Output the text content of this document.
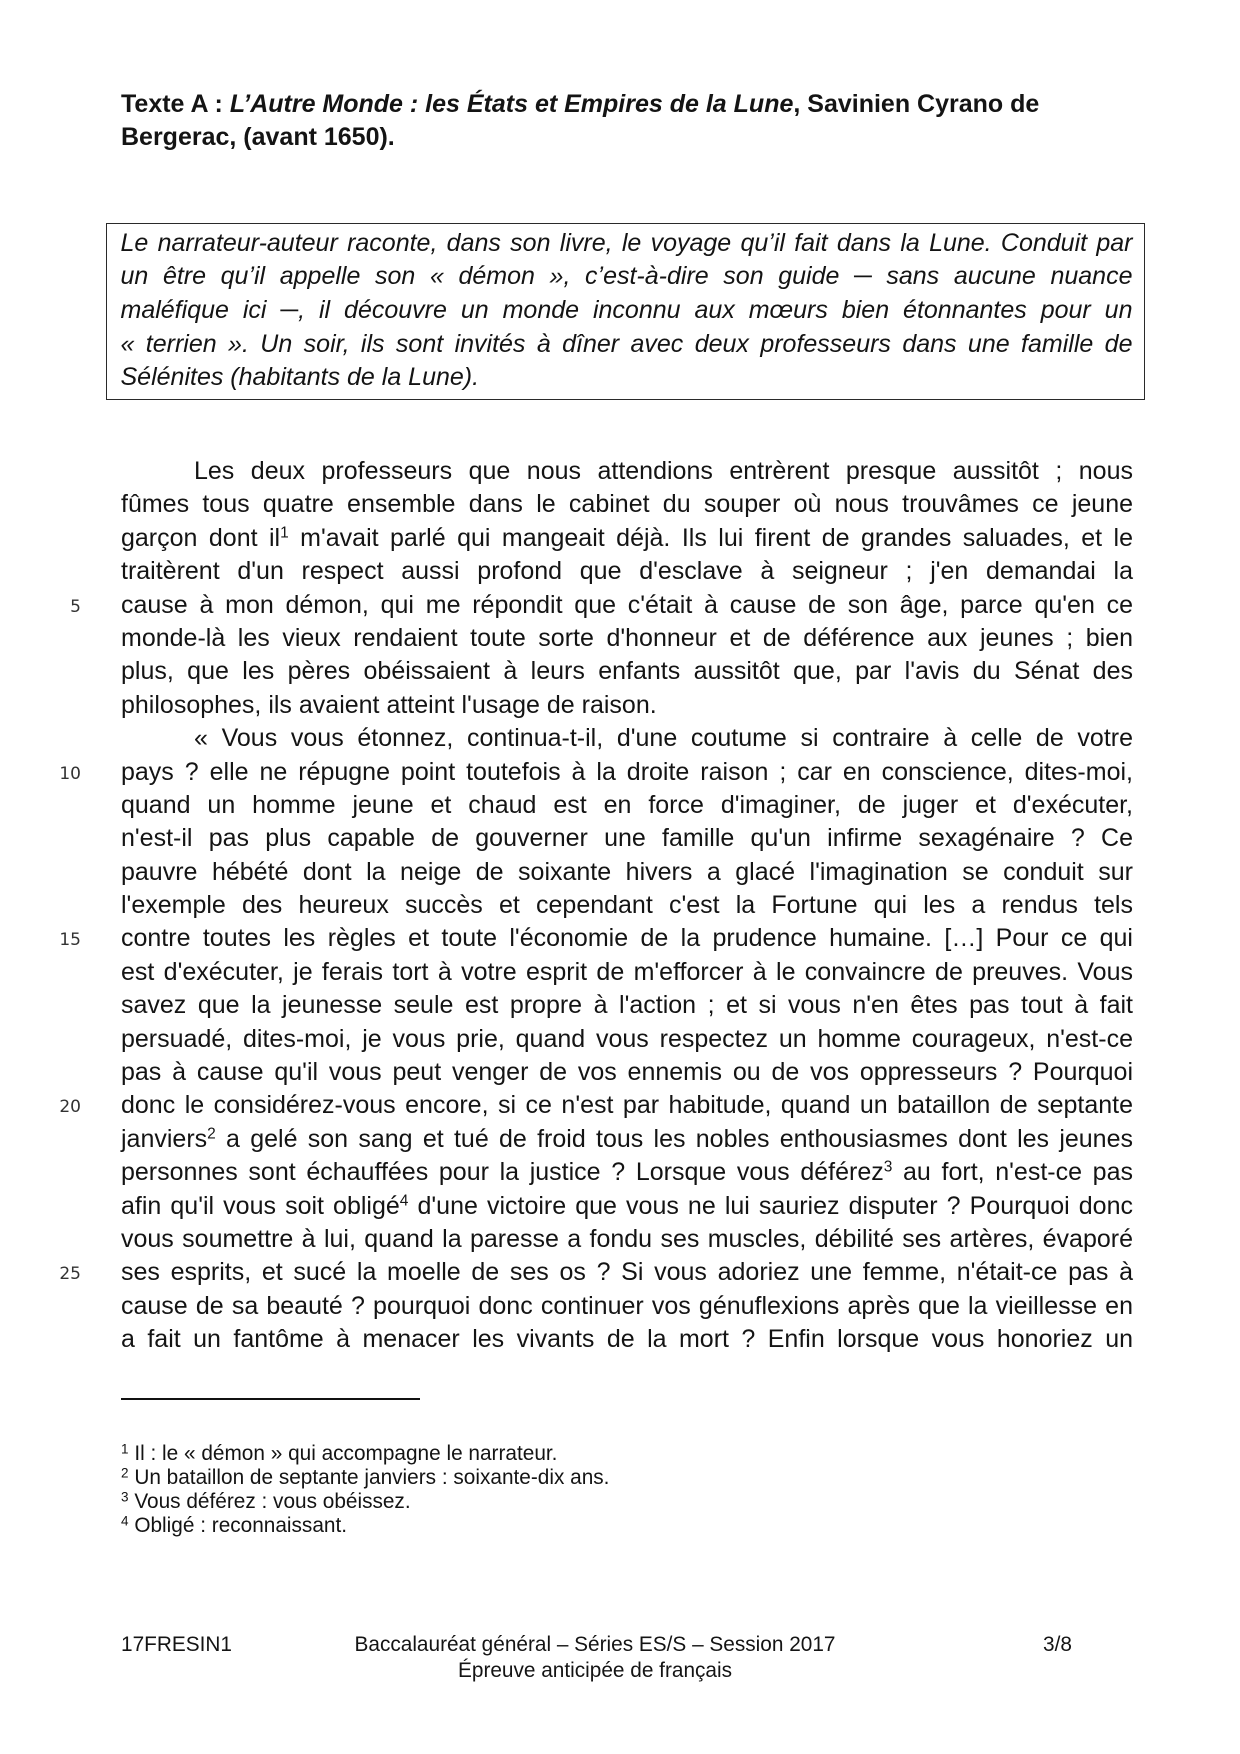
Texte A : L’Autre Monde : les États et Empires de la Lune, Savinien Cyrano de Bergerac, (avant 1650).
Le narrateur-auteur raconte, dans son livre, le voyage qu’il fait dans la Lune. Conduit par
un être qu’il appelle son « démon », c’est-à-dire son guide ─ sans aucune nuance
maléfique ici ─, il découvre un monde inconnu aux mœurs bien étonnantes pour un
« terrien ». Un soir, ils sont invités à dîner avec deux professeurs dans une famille de
Sélénites (habitants de la Lune).
Les deux professeurs que nous attendions entrèrent presque aussitôt ; nous
fûmes tous quatre ensemble dans le cabinet du souper où nous trouvâmes ce jeune
garçon dont $il^1$ m'avait parlé qui mangeait déjà. Ils lui firent de grandes saluades, et le
traitèrent d'un respect aussi profond que d'esclave à seigneur ; j'en demandai la
5 cause à mon démon, qui me répondit que c'était à cause de son âge, parce qu'en ce
monde-là les vieux rendaient toute sorte d'honneur et de déférence aux jeunes ; bien
plus, que les pères obéissaient à leurs enfants aussitôt que, par l'avis du Sénat des
philosophes, ils avaient atteint l'usage de raison.
« Vous vous étonnez, continua-t-il, d'une coutume si contraire à celle de votre
10 pays ? elle ne répugne point toutefois à la droite raison ; car en conscience, dites-moi,
quand un homme jeune et chaud est en force d'imaginer, de juger et d'exécuter,
n'est-il pas plus capable de gouverner une famille qu'un infirme sexagénaire ? Ce
pauvre hébété dont la neige de soixante hivers a glacé l'imagination se conduit sur
l'exemple des heureux succès et cependant c'est la Fortune qui les a rendus tels
15 contre toutes les règles et toute l'économie de la prudence humaine. […] Pour ce qui
est d'exécuter, je ferais tort à votre esprit de m'efforcer à le convaincre de preuves. Vous
savez que la jeunesse seule est propre à l'action ; et si vous n'en êtes pas tout à fait
persuadé, dites-moi, je vous prie, quand vous respectez un homme courageux, n'est-ce
pas à cause qu'il vous peut venger de vos ennemis ou de vos oppresseurs ? Pourquoi
20 donc le considérez-vous encore, si ce n'est par habitude, quand un bataillon de septante
janviers$^2$ a gelé son sang et tué de froid tous les nobles enthousiasmes dont les jeunes
personnes sont échauffées pour la justice ? Lorsque vous déférez$^3$ au fort, n'est-ce pas
afin qu'il vous soit obligé$^4$ d'une victoire que vous ne lui sauriez disputer ? Pourquoi donc
vous soumettre à lui, quand la paresse a fondu ses muscles, débilité ses artères, évaporé
25 ses esprits, et sucé la moelle de ses os ? Si vous adoriez une femme, n'était-ce pas à
cause de sa beauté ? pourquoi donc continuer vos génuflexions après que la vieillesse en
a fait un fantôme à menacer les vivants de la mort ? Enfin lorsque vous honoriez un
$^1$ Il : le « démon » qui accompagne le narrateur.
$^2$ Un bataillon de septante janviers : soixante-dix ans.
$^3$ Vous déférez : vous obéissez.
$^4$ Obligé : reconnaissant.
17FRESIN1	Baccalauréat général – Séries ES/S – Session 2017
Épreuve anticipée de français
3/8
